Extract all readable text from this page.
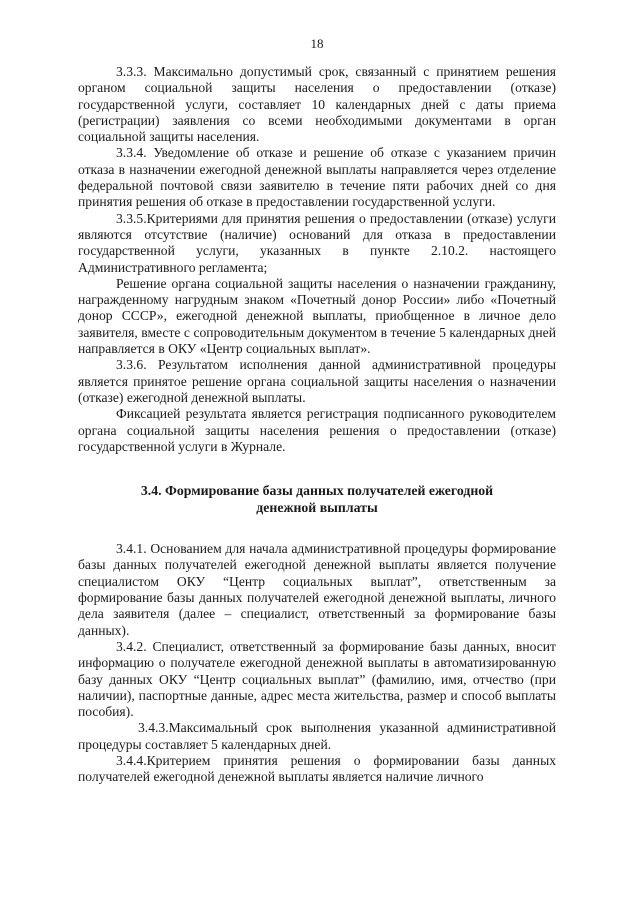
18

3.3.3. Максимально допустимый срок, связанный с принятием решения органом социальной защиты населения о предоставлении (отказе) государственной услуги, составляет 10 календарных дней с даты приема (регистрации) заявления со всеми необходимыми документами в орган социальной защиты населения.

3.3.4. Уведомление об отказе и решение об отказе с указанием причин отказа в назначении ежегодной денежной выплаты направляется через отделение федеральной почтовой связи заявителю в течение пяти рабочих дней со дня принятия решения об отказе в предоставлении государственной услуги.

3.3.5.Критериями для принятия решения о предоставлении (отказе) услуги являются отсутствие (наличие) оснований для отказа в предоставлении государственной услуги, указанных в пункте 2.10.2. настоящего Административного регламента;

Решение органа социальной защиты населения о назначении гражданину, награжденному нагрудным знаком «Почетный донор России» либо «Почетный донор СССР», ежегодной денежной выплаты, приобщенное в личное дело заявителя, вместе с сопроводительным документом в течение 5 календарных дней направляется в ОКУ «Центр социальных выплат».

3.3.6. Результатом исполнения данной административной процедуры является принятое решение органа социальной защиты населения о назначении (отказе) ежегодной денежной выплаты.

Фиксацией результата является регистрация подписанного руководителем органа социальной защиты населения решения о предоставлении (отказе) государственной услуги в Журнале.

3.4. Формирование базы данных получателей ежегодной
денежной выплаты

3.4.1. Основанием для начала административной процедуры формирование базы данных получателей ежегодной денежной выплаты является получение специалистом ОКУ “Центр социальных выплат”, ответственным за формирование базы данных получателей ежегодной денежной выплаты, личного дела заявителя (далее – специалист, ответственный за формирование базы данных).

3.4.2. Специалист, ответственный за формирование базы данных, вносит информацию о получателе ежегодной денежной выплаты в автоматизированную базу данных ОКУ “Центр социальных выплат” (фамилию, имя, отчество (при наличии), паспортные данные, адрес места жительства, размер и способ выплаты пособия).

3.4.3.Максимальный срок выполнения указанной административной процедуры составляет 5 календарных дней.

3.4.4.Критерием принятия решения о формировании базы данных получателей ежегодной денежной выплаты является наличие личного
